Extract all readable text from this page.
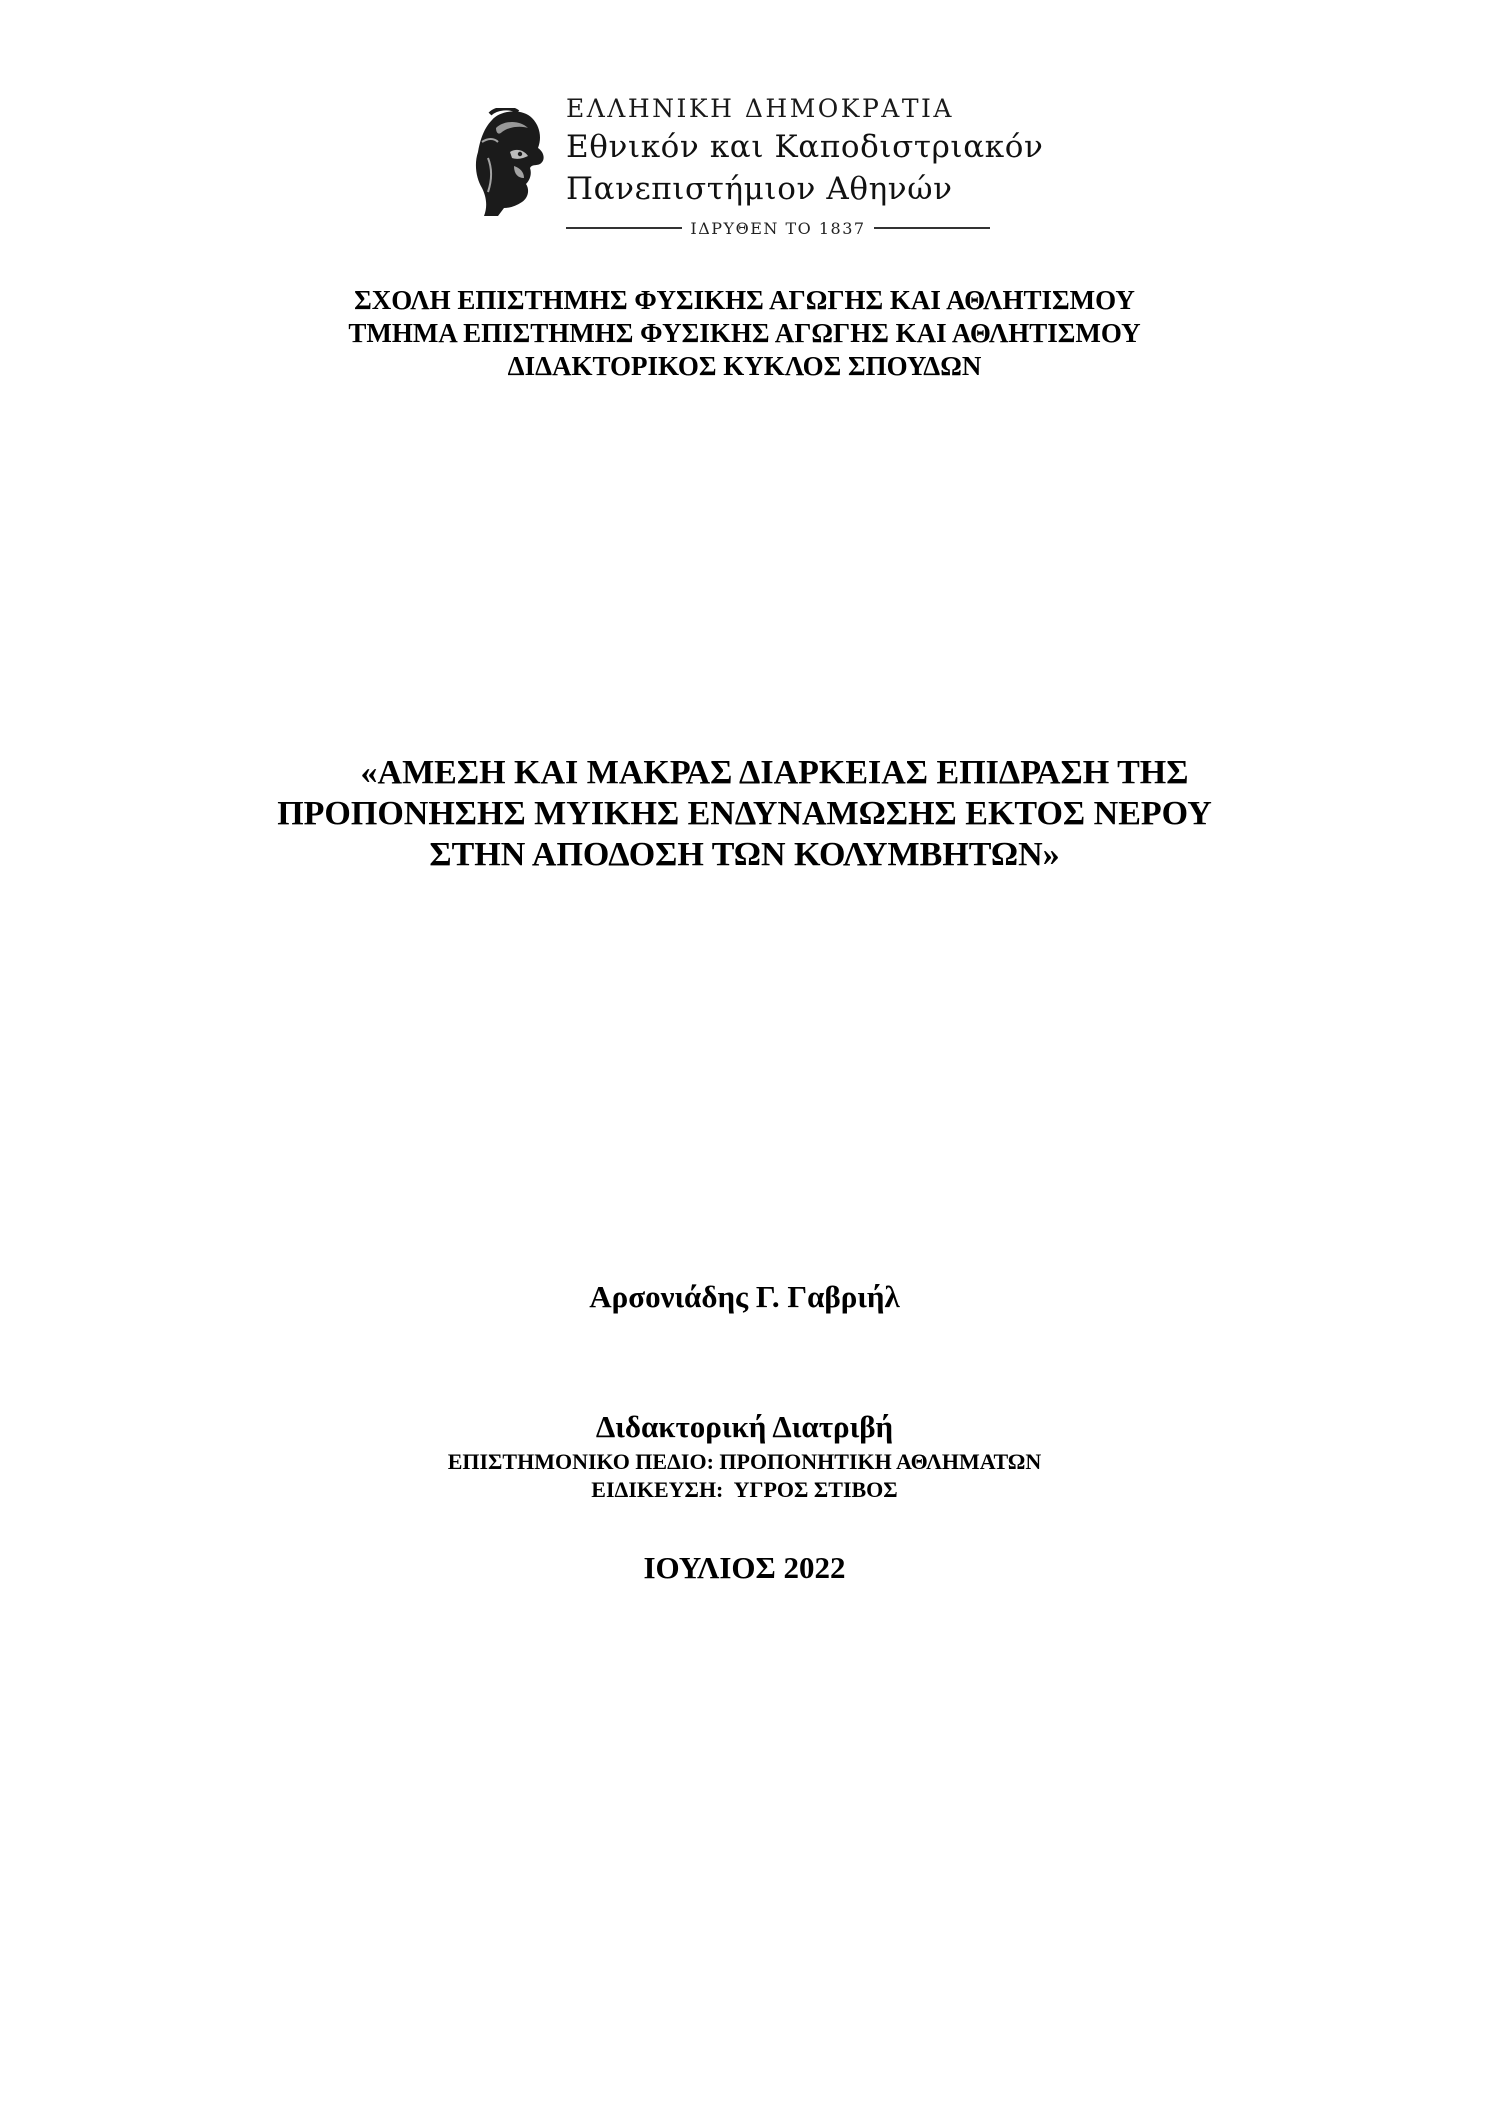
ΕΛΛΗΝΙΚΗ ΔΗΜΟΚΡΑΤΙΑ
Εθνικόν και Καποδιστριακόν
Πανεπιστήμιον Αθηνών
ΙΔΡΥΘΕΝ ΤΟ 1837
ΣΧΟΛΗ ΕΠΙΣΤΗΜΗΣ ΦΥΣΙΚΗΣ ΑΓΩΓΗΣ ΚΑΙ ΑΘΛΗΤΙΣΜΟΥ
ΤΜΗΜΑ ΕΠΙΣΤΗΜΗΣ ΦΥΣΙΚΗΣ ΑΓΩΓΗΣ ΚΑΙ ΑΘΛΗΤΙΣΜΟΥ
ΔΙΔΑΚΤΟΡΙΚΟΣ ΚΥΚΛΟΣ ΣΠΟΥΔΩΝ
«ΑΜΕΣΗ ΚΑΙ ΜΑΚΡΑΣ ΔΙΑΡΚΕΙΑΣ ΕΠΙΔΡΑΣΗ ΤΗΣ
ΠΡΟΠΟΝΗΣΗΣ ΜΥΙΚΗΣ ΕΝΔΥΝΑΜΩΣΗΣ ΕΚΤΟΣ ΝΕΡΟΥ
ΣΤΗΝ ΑΠΟΔΟΣΗ ΤΩΝ ΚΟΛΥΜΒΗΤΩΝ»
Αρσονιάδης Γ. Γαβριήλ
Διδακτορική Διατριβή
ΕΠΙΣΤΗΜΟΝΙΚΟ ΠΕΔΙΟ: ΠΡΟΠΟΝΗΤΙΚΗ ΑΘΛΗΜΑΤΩΝ
ΕΙΔΙΚΕΥΣΗ:  ΥΓΡΟΣ ΣΤΙΒΟΣ
ΙΟΥΛΙΟΣ 2022
